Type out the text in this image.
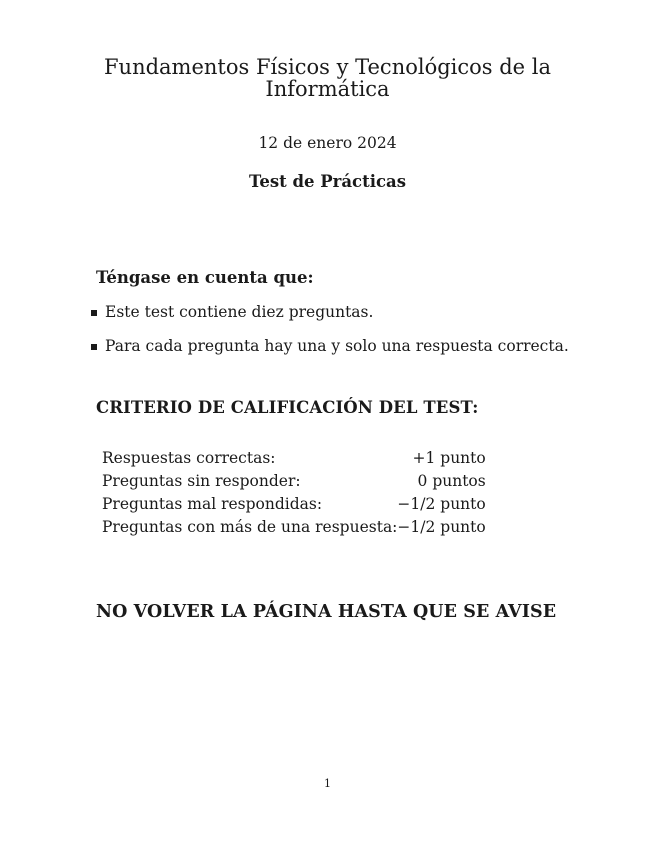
Fundamentos Físicos y Tecnológicos de la
Informática
12 de enero 2024
Test de Prácticas
Téngase en cuenta que:
Este test contiene diez preguntas.
Para cada pregunta hay una y solo una respuesta correcta.
CRITERIO DE CALIFICACIÓN DEL TEST:
Respuestas correctas:	+1 punto
Preguntas sin responder:	0 puntos
Preguntas mal respondidas:	−1/2 punto
Preguntas con más de una respuesta:	−1/2 punto
NO VOLVER LA PÁGINA HASTA QUE SE AVISE
1
